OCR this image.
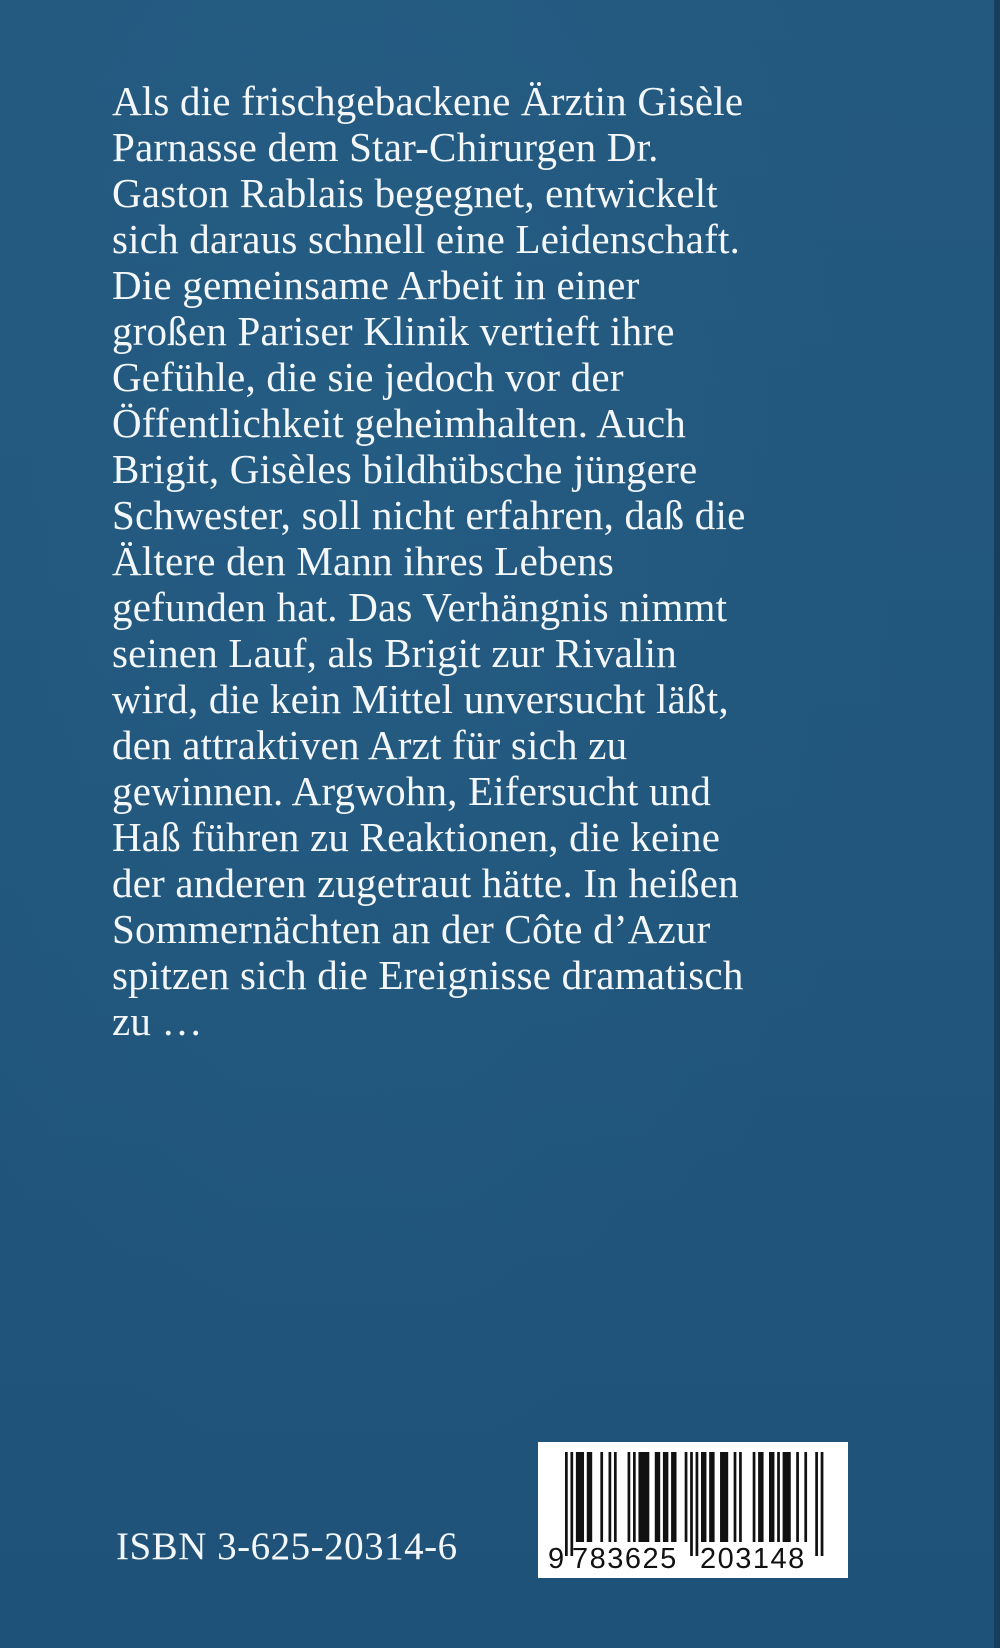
Als die frischgebackene Ärztin Gisèle
Parnasse dem Star-Chirurgen Dr.
Gaston Rablais begegnet, entwickelt
sich daraus schnell eine Leidenschaft.
Die gemeinsame Arbeit in einer
großen Pariser Klinik vertieft ihre
Gefühle, die sie jedoch vor der
Öffentlichkeit geheimhalten. Auch
Brigit, Gisèles bildhübsche jüngere
Schwester, soll nicht erfahren, daß die
Ältere den Mann ihres Lebens
gefunden hat. Das Verhängnis nimmt
seinen Lauf, als Brigit zur Rivalin
wird, die kein Mittel unversucht läßt,
den attraktiven Arzt für sich zu
gewinnen. Argwohn, Eifersucht und
Haß führen zu Reaktionen, die keine
der anderen zugetraut hätte. In heißen
Sommernächten an der Côte d’Azur
spitzen sich die Ereignisse dramatisch
zu …

ISBN 3-625-20314-6	9 783625 203148
